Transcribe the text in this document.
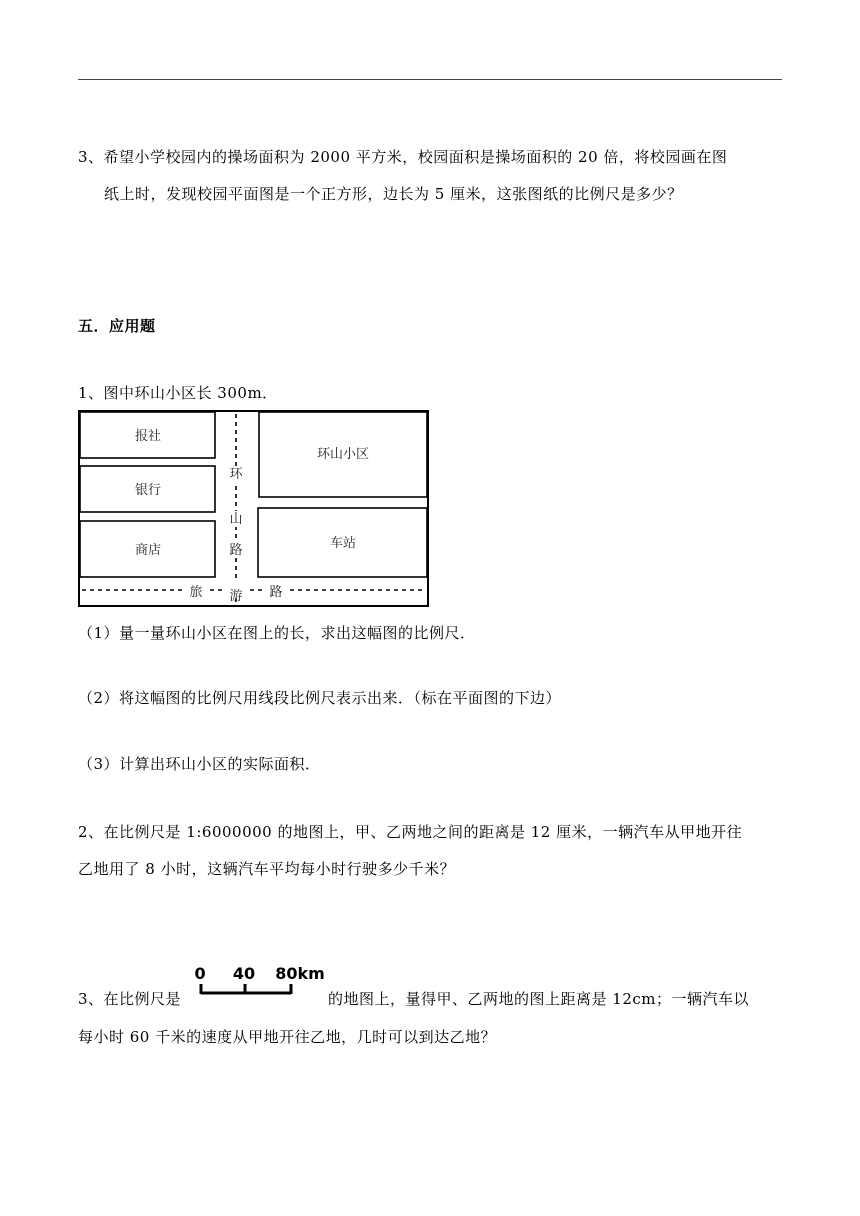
3、希望小学校园内的操场面积为 2000 平方米，校园面积是操场面积的 20 倍，将校园画在图
纸上时，发现校园平面图是一个正方形，边长为 5 厘米，这张图纸的比例尺是多少？
五．应用题
1、图中环山小区长 300m．
报社
银行
商店
环山小区
车站
环
山
路
旅 游 路
（1）量一量环山小区在图上的长，求出这幅图的比例尺．
（2）将这幅图的比例尺用线段比例尺表示出来．（标在平面图的下边）
（3）计算出环山小区的实际面积．
2、在比例尺是 1:6000000 的地图上，甲、乙两地之间的距离是 12 厘米，一辆汽车从甲地开往
乙地用了 8 小时，这辆汽车平均每小时行驶多少千米？
3、在比例尺是
0 40 80km
的地图上，量得甲、乙两地的图上距离是 12cm；一辆汽车以
每小时 60 千米的速度从甲地开往乙地，几时可以到达乙地？
